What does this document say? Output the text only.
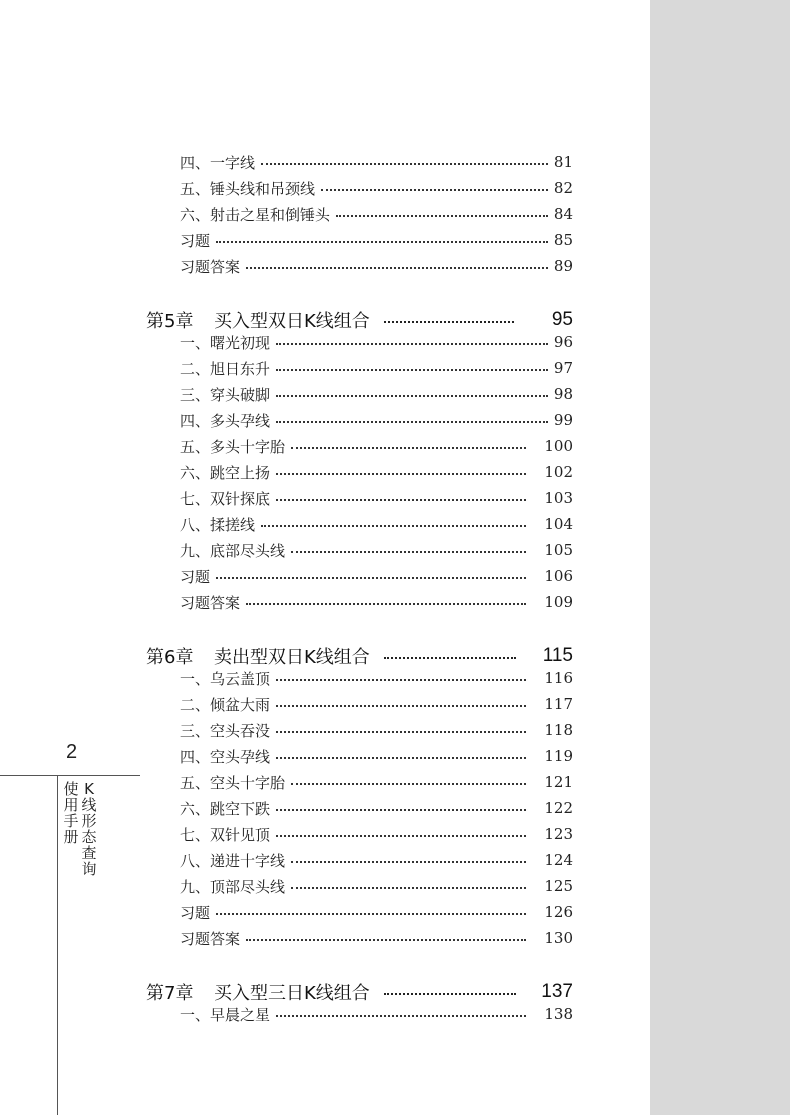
2
使用手册
K线形态查询
四、一字线	81
五、锤头线和吊颈线	82
六、射击之星和倒锤头	84
习题	85
习题答案	89
第5章	买入型双日K线组合	95
一、曙光初现	96
二、旭日东升	97
三、穿头破脚	98
四、多头孕线	99
五、多头十字胎	100
六、跳空上扬	102
七、双针探底	103
八、揉搓线	104
九、底部尽头线	105
习题	106
习题答案	109
第6章	卖出型双日K线组合	115
一、乌云盖顶	116
二、倾盆大雨	117
三、空头吞没	118
四、空头孕线	119
五、空头十字胎	121
六、跳空下跌	122
七、双针见顶	123
八、递进十字线	124
九、顶部尽头线	125
习题	126
习题答案	130
第7章	买入型三日K线组合	137
一、早晨之星	138
